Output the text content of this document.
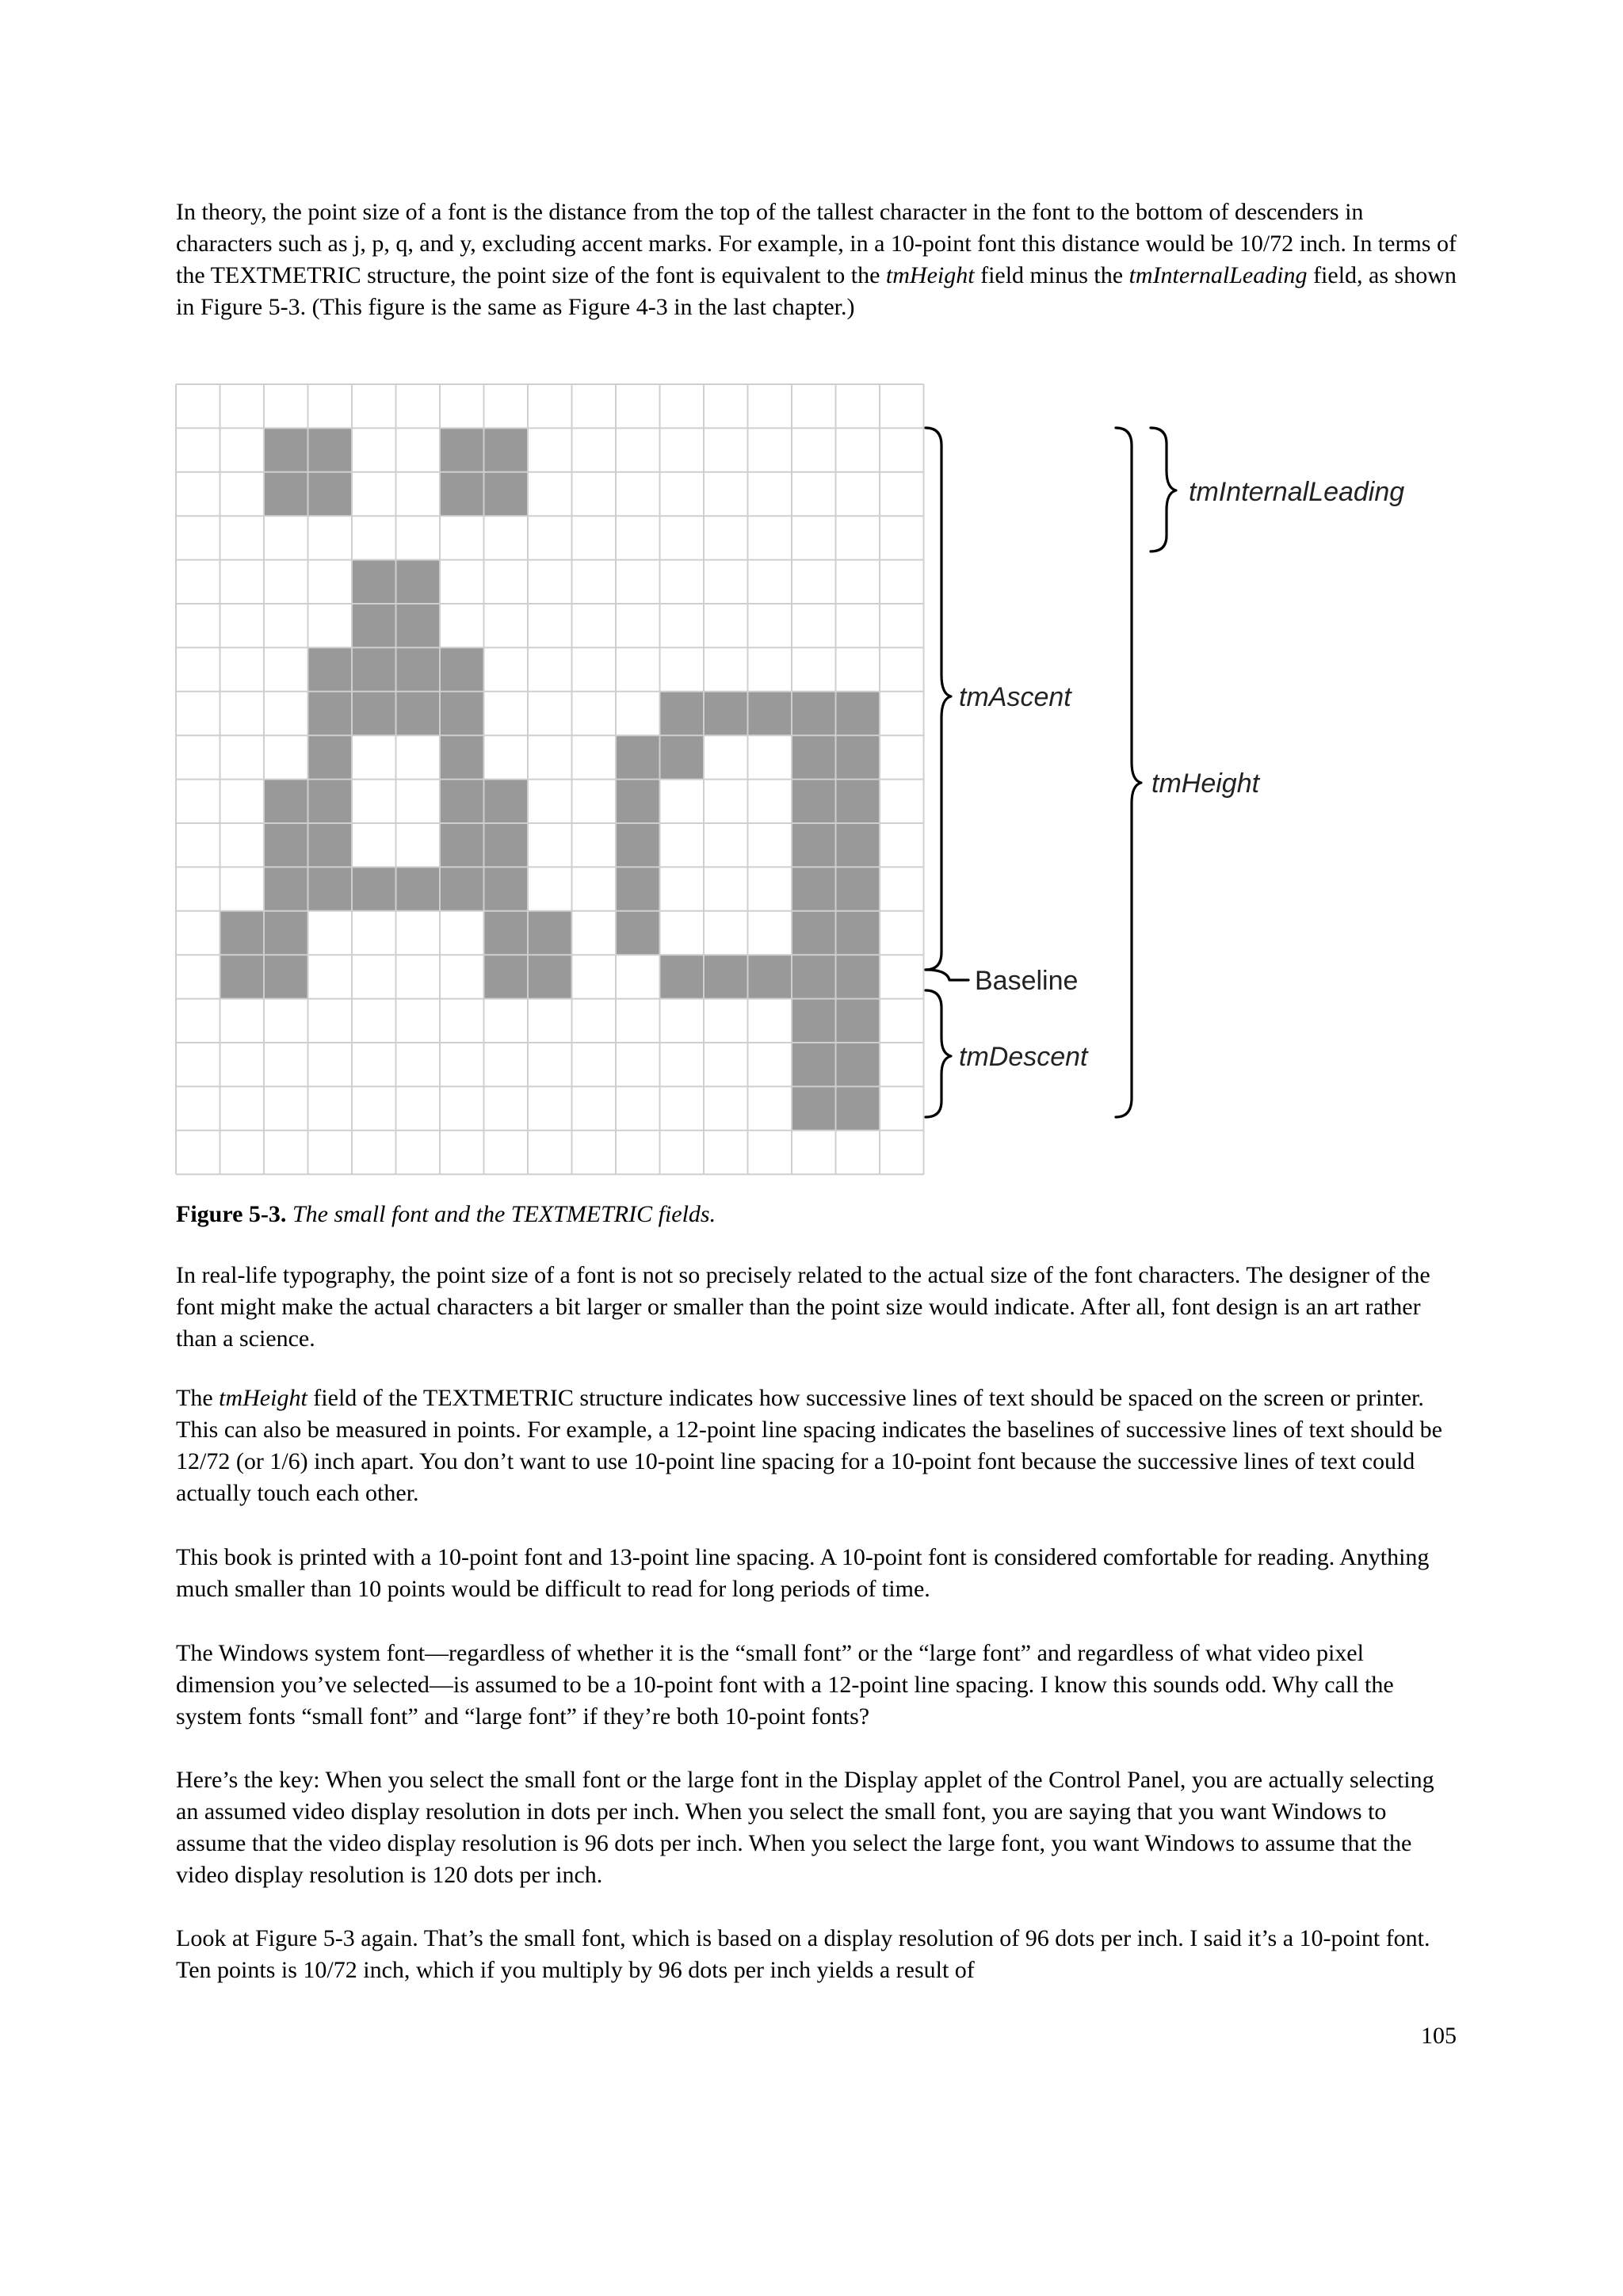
In theory, the point size of a font is the distance from the top of the tallest character in the font to the bottom of descenders in characters such as j, p, q, and y, excluding accent marks. For example, in a 10-point font this distance would be 10/72 inch. In terms of the TEXTMETRIC structure, the point size of the font is equivalent to the tmHeight field minus the tmInternalLeading field, as shown in Figure 5-3. (This figure is the same as Figure 4-3 in the last chapter.)

tmInternalLeading
tmAscent
tmHeight
Baseline
tmDescent

Figure 5-3. The small font and the TEXTMETRIC fields.

In real-life typography, the point size of a font is not so precisely related to the actual size of the font characters. The designer of the font might make the actual characters a bit larger or smaller than the point size would indicate. After all, font design is an art rather than a science.

The tmHeight field of the TEXTMETRIC structure indicates how successive lines of text should be spaced on the screen or printer. This can also be measured in points. For example, a 12-point line spacing indicates the baselines of successive lines of text should be 12/72 (or 1/6) inch apart. You don’t want to use 10-point line spacing for a 10-point font because the successive lines of text could actually touch each other.

This book is printed with a 10-point font and 13-point line spacing. A 10-point font is considered comfortable for reading. Anything much smaller than 10 points would be difficult to read for long periods of time.

The Windows system font—regardless of whether it is the “small font” or the “large font” and regardless of what video pixel dimension you’ve selected—is assumed to be a 10-point font with a 12-point line spacing. I know this sounds odd. Why call the system fonts “small font” and “large font” if they’re both 10-point fonts?

Here’s the key: When you select the small font or the large font in the Display applet of the Control Panel, you are actually selecting an assumed video display resolution in dots per inch. When you select the small font, you are saying that you want Windows to assume that the video display resolution is 96 dots per inch. When you select the large font, you want Windows to assume that the video display resolution is 120 dots per inch.

Look at Figure 5-3 again. That’s the small font, which is based on a display resolution of 96 dots per inch. I said it’s a 10-point font. Ten points is 10/72 inch, which if you multiply by 96 dots per inch yields a result of

105
